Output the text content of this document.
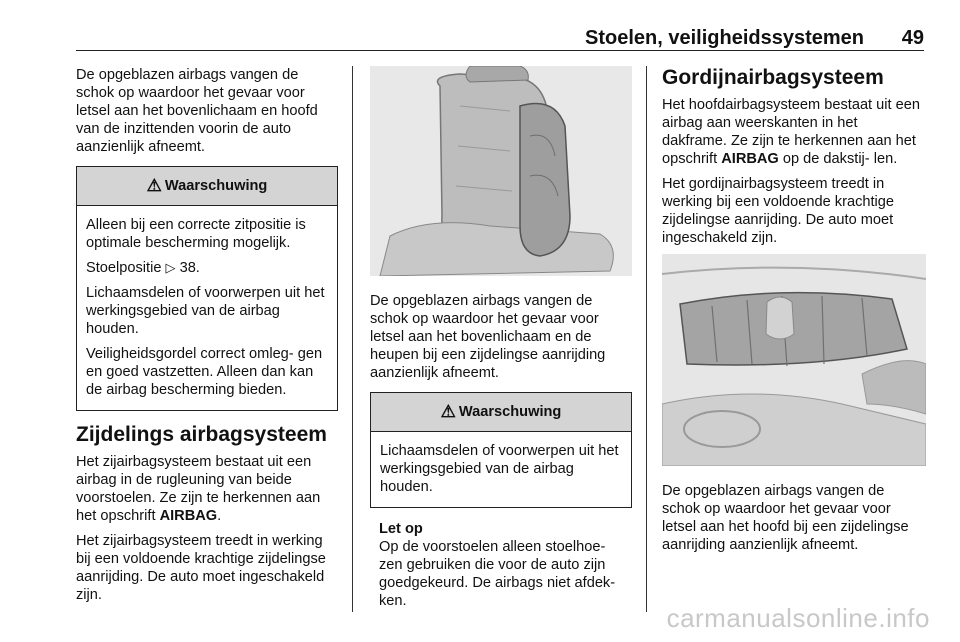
Stoelen, veiligheidssystemen 49

De opgeblazen airbags vangen de schok op waardoor het gevaar voor letsel aan het bovenlichaam en hoofd van de inzittenden voorin de auto aanzienlijk afneemt.

⚠ Waarschuwing

Alleen bij een correcte zitpositie is optimale bescherming mogelijk.

Stoelpositie ▷ 38.

Lichaamsdelen of voorwerpen uit het werkingsgebied van de airbag houden.

Veiligheidsgordel correct omleg- gen en goed vastzetten. Alleen dan kan de airbag bescherming bieden.

Zijdelings airbagsysteem

Het zijairbagsysteem bestaat uit een airbag in de rugleuning van beide voorstoelen. Ze zijn te herkennen aan het opschrift AIRBAG.

Het zijairbagsysteem treedt in werking bij een voldoende krachtige zijdelingse aanrijding. De auto moet ingeschakeld zijn.

De opgeblazen airbags vangen de schok op waardoor het gevaar voor letsel aan het bovenlichaam en de heupen bij een zijdelingse aanrijding aanzienlijk afneemt.

⚠ Waarschuwing

Lichaamsdelen of voorwerpen uit het werkingsgebied van de airbag houden.

Let op

Op de voorstoelen alleen stoelhoe- zen gebruiken die voor de auto zijn goedgekeurd. De airbags niet afdek- ken.

Gordijnairbagsysteem

Het hoofdairbagsysteem bestaat uit een airbag aan weerskanten in het dakframe. Ze zijn te herkennen aan het opschrift AIRBAG op de dakstij- len.

Het gordijnairbagsysteem treedt in werking bij een voldoende krachtige zijdelingse aanrijding. De auto moet ingeschakeld zijn.

De opgeblazen airbags vangen de schok op waardoor het gevaar voor letsel aan het hoofd bij een zijdelingse aanrijding aanzienlijk afneemt.

carmanualsonline.info
